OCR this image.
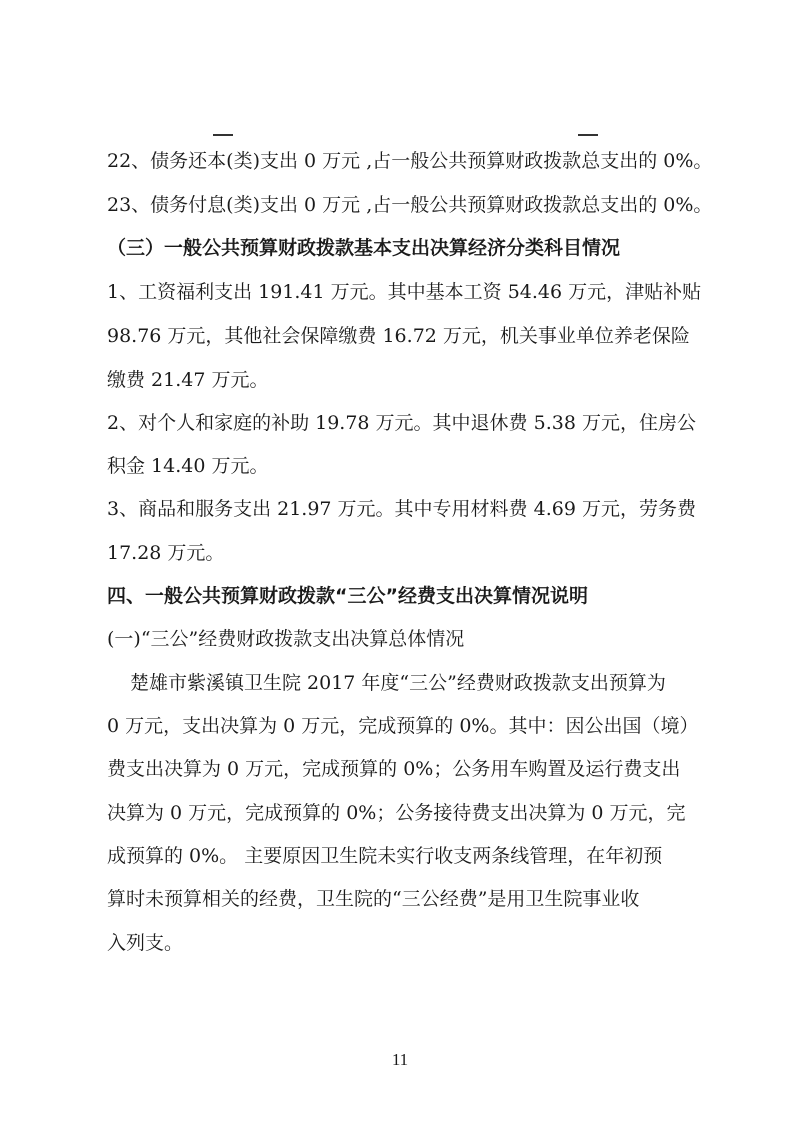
22、债务还本(类)支出 0 万元 ,占一般公共预算财政拨款总支出的 0%。
23、债务付息(类)支出 0 万元 ,占一般公共预算财政拨款总支出的 0%。
（三）一般公共预算财政拨款基本支出决算经济分类科目情况
1、工资福利支出 191.41 万元。其中基本工资 54.46 万元，津贴补贴
98.76 万元，其他社会保障缴费 16.72 万元，机关事业单位养老保险
缴费 21.47 万元。
2、对个人和家庭的补助 19.78 万元。其中退休费 5.38 万元，住房公
积金 14.40 万元。
3、商品和服务支出 21.97 万元。其中专用材料费 4.69 万元，劳务费
17.28 万元。
四、一般公共预算财政拨款“三公”经费支出决算情况说明
(一)“三公”经费财政拨款支出决算总体情况
楚雄市紫溪镇卫生院 2017 年度“三公”经费财政拨款支出预算为
0 万元，支出决算为 0 万元，完成预算的 0%。其中：因公出国（境）
费支出决算为 0 万元，完成预算的 0%；公务用车购置及运行费支出
决算为 0 万元，完成预算的 0%；公务接待费支出决算为 0 万元，完
成预算的 0%。 主要原因卫生院未实行收支两条线管理，在年初预
算时未预算相关的经费，卫生院的“三公经费”是用卫生院事业收
入列支。
11
